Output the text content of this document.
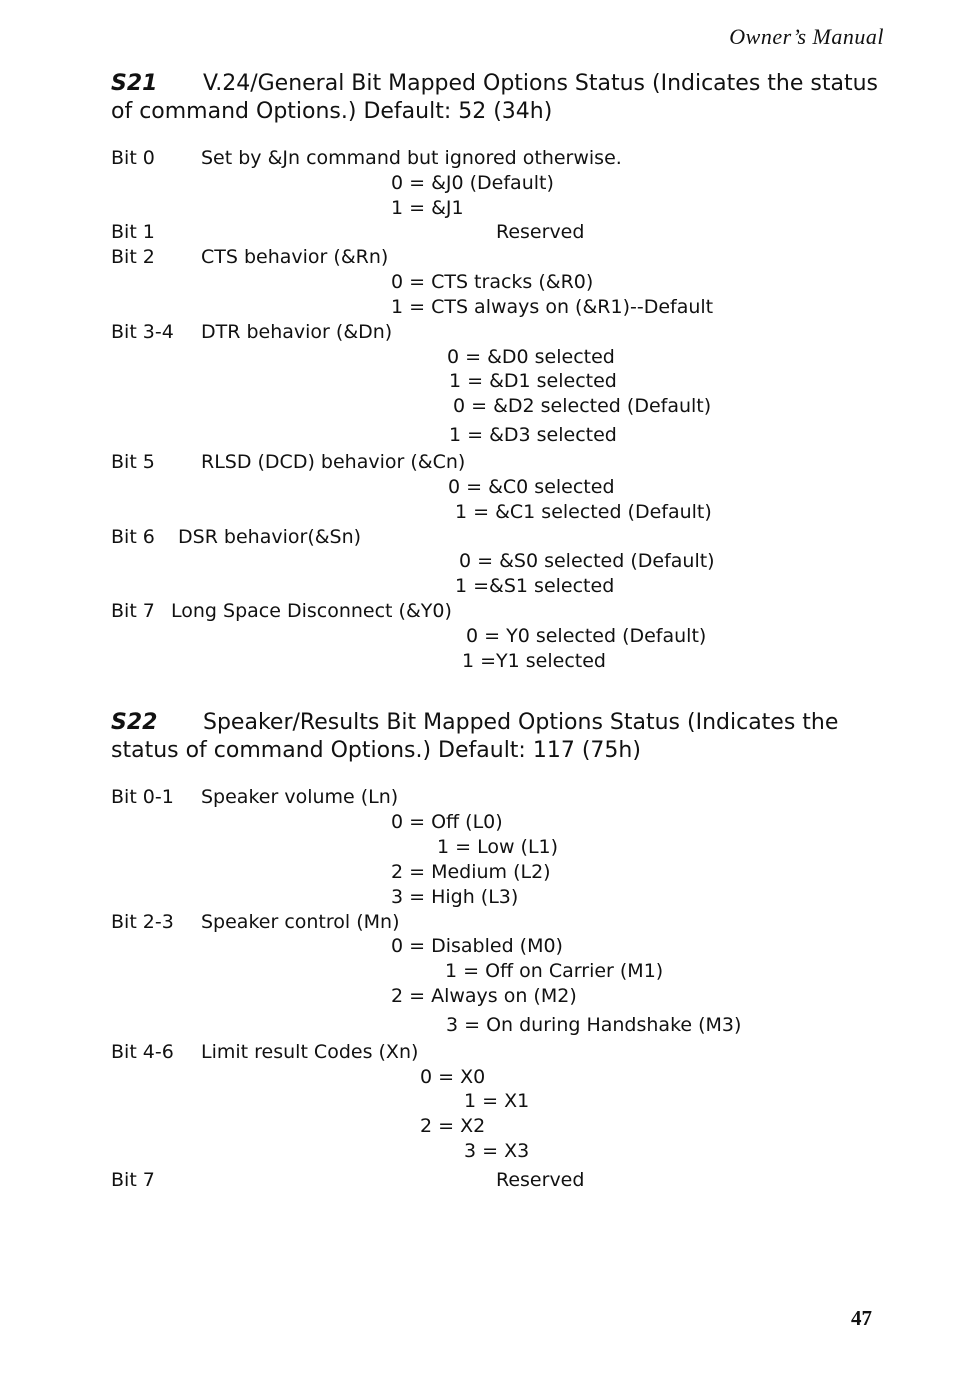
Owner’s Manual
S21 V.24/General Bit Mapped Options Status (Indicates the status of command Options.) Default: 52 (34h)
Bit 0 Set by &Jn command but ignored otherwise.
0 = &J0 (Default)
1 = &J1
Bit 1	Reserved
Bit 2 CTS behavior (&Rn)
0 = CTS tracks (&R0)
1 = CTS always on (&R1)--Default
Bit 3-4 DTR behavior (&Dn)
0 = &D0 selected
1 = &D1 selected
0 = &D2 selected (Default)
1 = &D3 selected
Bit 5 RLSD (DCD) behavior (&Cn)
0 = &C0 selected
1 = &C1 selected (Default)
Bit 6 DSR behavior(&Sn)
0 = &S0 selected (Default)
1 =&S1 selected
Bit 7 Long Space Disconnect (&Y0)
0 = Y0 selected (Default)
1 =Y1 selected
S22 Speaker/Results Bit Mapped Options Status (Indicates the status of command Options.) Default: 117 (75h)
Bit 0-1 Speaker volume (Ln)
0 = Off (L0)
1 = Low (L1)
2 = Medium (L2)
3 = High (L3)
Bit 2-3 Speaker control (Mn)
0 = Disabled (M0)
1 = Off on Carrier (M1)
2 = Always on (M2)
3 = On during Handshake (M3)
Bit 4-6 Limit result Codes (Xn)
0 = X0
1 = X1
2 = X2
3 = X3
Bit 7	Reserved
47
